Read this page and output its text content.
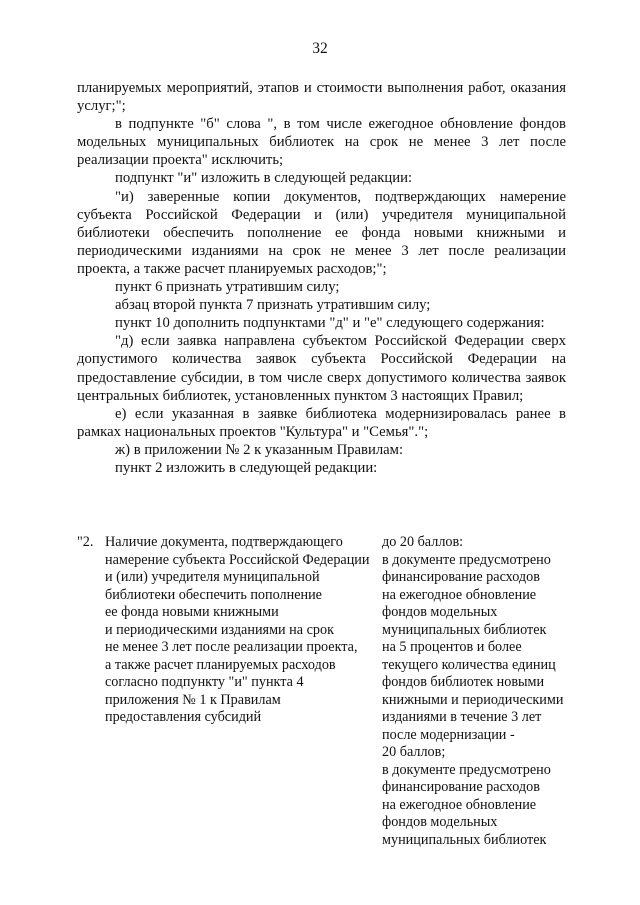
32

планируемых мероприятий, этапов и стоимости выполнения работ, оказания услуг;";

в подпункте "б" слова ", в том числе ежегодное обновление фондов модельных муниципальных библиотек на срок не менее 3 лет после реализации проекта" исключить;

подпункт "и" изложить в следующей редакции:

"и) заверенные копии документов, подтверждающих намерение субъекта Российской Федерации и (или) учредителя муниципальной библиотеки обеспечить пополнение ее фонда новыми книжными и периодическими изданиями на срок не менее 3 лет после реализации проекта, а также расчет планируемых расходов;";

пункт 6 признать утратившим силу;

абзац второй пункта 7 признать утратившим силу;

пункт 10 дополнить подпунктами "д" и "е" следующего содержания:

"д) если заявка направлена субъектом Российской Федерации сверх допустимого количества заявок субъекта Российской Федерации на предоставление субсидии, в том числе сверх допустимого количества заявок центральных библиотек, установленных пунктом 3 настоящих Правил;

е) если указанная в заявке библиотека модернизировалась ранее в рамках национальных проектов "Культура" и "Семья".";

ж) в приложении № 2 к указанным Правилам:

пункт 2 изложить в следующей редакции:

"2. Наличие документа, подтверждающего
намерение субъекта Российской Федерации
и (или) учредителя муниципальной
библиотеки обеспечить пополнение
ее фонда новыми книжными
и периодическими изданиями на срок
не менее 3 лет после реализации проекта,
а также расчет планируемых расходов
согласно подпункту "и" пункта 4
приложения № 1 к Правилам
предоставления субсидий
до 20 баллов:
в документе предусмотрено
финансирование расходов
на ежегодное обновление
фондов модельных
муниципальных библиотек
на 5 процентов и более
текущего количества единиц
фондов библиотек новыми
книжными и периодическими
изданиями в течение 3 лет
после модернизации -
20 баллов;
в документе предусмотрено
финансирование расходов
на ежегодное обновление
фондов модельных
муниципальных библиотек
